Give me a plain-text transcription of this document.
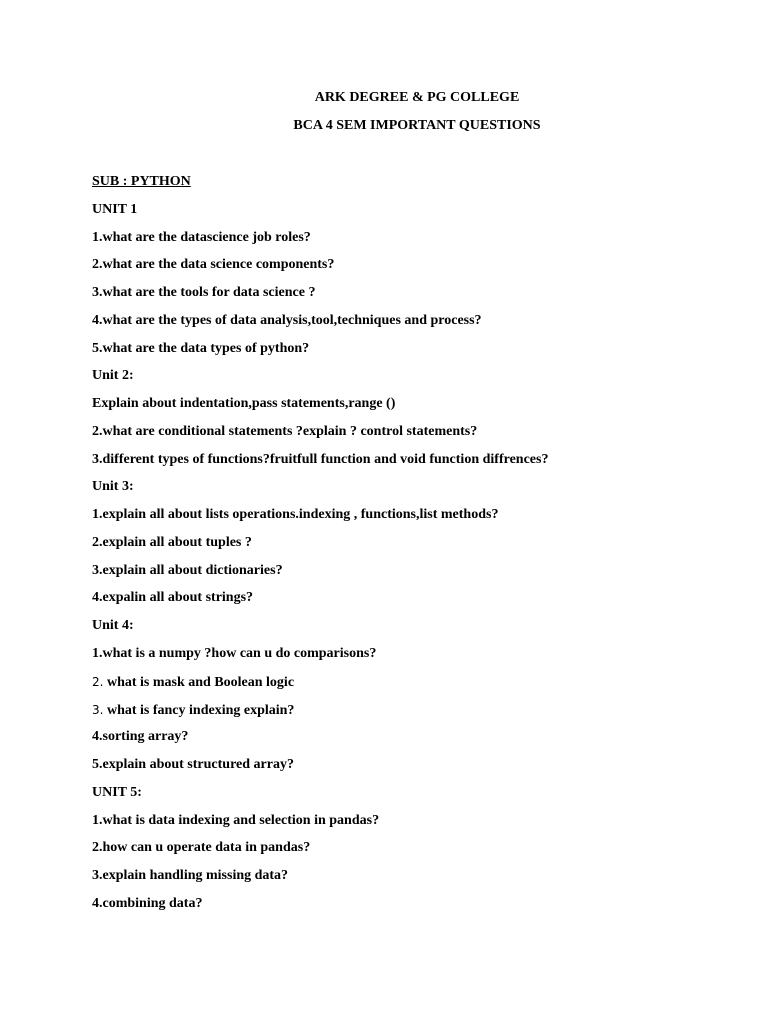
ARK DEGREE & PG COLLEGE
BCA 4 SEM IMPORTANT QUESTIONS
SUB : PYTHON
UNIT 1
1.what are the datascience job roles?
2.what are the data science components?
3.what are the tools for data science ?
4.what are the types of data analysis,tool,techniques and process?
5.what are the data types of python?
Unit 2:
Explain about indentation,pass statements,range ()
2.what are conditional statements ?explain ? control statements?
3.different types of functions?fruitfull function and void function diffrences?
Unit 3:
1.explain all about lists operations.indexing , functions,list methods?
2.explain all about tuples ?
3.explain all about dictionaries?
4.expalin all about strings?
Unit 4:
1.what is a numpy ?how can u do comparisons?
2. what is mask and Boolean logic
3. what is fancy indexing explain?
4.sorting array?
5.explain about structured array?
UNIT 5:
1.what is data indexing and selection in pandas?
2.how can u operate data in pandas?
3.explain handling missing data?
4.combining data?
